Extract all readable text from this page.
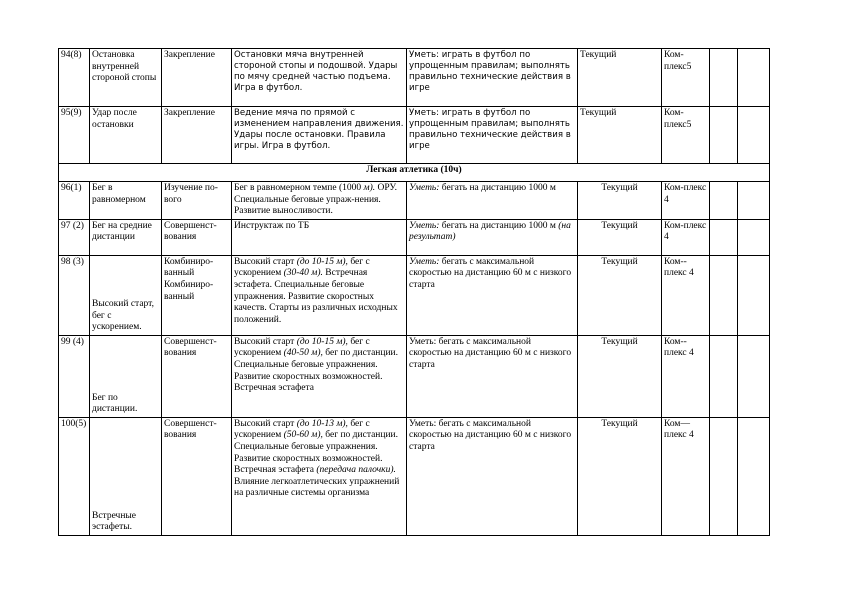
94(8)	Остановка внутренней стороной стопы	Закрепление	Остановки мяча внутренней стороной стопы и подошвой. Удары по мячу средней частью подъема. Игра в футбол.	Уметь: играть в футбол по упрощенным правилам; выполнять правильно технические действия в игре	Текущий	Ком-плекс5		
95(9)	Удар после остановки	Закрепление	Ведение мяча по прямой с изменением направления движения. Удары после остановки. Правила игры. Игра в футбол.	Уметь: играть в футбол по упрощенным правилам; выполнять правильно технические действия в игре	Текущий	Ком-плекс5		
Легкая атлетика (10ч)								
96(1)	Бег в равномерном	Изучение по-вого	Бег в равномерном темпе (1000 м). ОРУ. Специальные беговые упраж-нения. Развитие выносливости.	Уметь: бегать на дистанцию 1000 м	Текущий	Ком-плекс 4		
97 (2)	Бег на средние дистанции	Совершенст-вования	Инструктаж по ТБ	Уметь: бегать на дистанцию 1000 м (на результат)	Текущий	Ком-плекс 4		
98 (3)	Высокий старт, бег с ускорением.	Комбиниро-ванный Комбиниро-ванный	Высокий старт (до 10-15 м), бег с ускорением (30-40 м). Встречная эстафета. Специальные беговые упражнения. Развитие скоростных качеств. Старты из различных исходных положений.	Уметь: бегать с максимальной скоростью на дистанцию 60 м с низкого старта	Текущий	Ком--плекс 4		
99 (4)	Бег по дистанции.	Совершенст-вования	Высокий старт (до 10-15 м), бег с ускорением (40-50 м), бег по дистанции. Специальные беговые упражнения. Развитие скоростных возможностей. Встречная эстафета	Уметь: бегать с максимальной скоростью на дистанцию 60 м с низкого старта	Текущий	Ком--плекс 4		
100(5)	Встречные эстафеты.	Совершенст-вования	Высокий старт (до 10-13 м), бег с ускорением (50-60 м), бег по дистанции. Специальные беговые упражнения. Развитие скоростных возможностей. Встречная эстафета (передача палочки). Влияние легкоатлетических упражнений на различные системы организма	Уметь: бегать с максимальной скоростью на дистанцию 60 м с низкого старта	Текущий	Ком—плекс 4		
